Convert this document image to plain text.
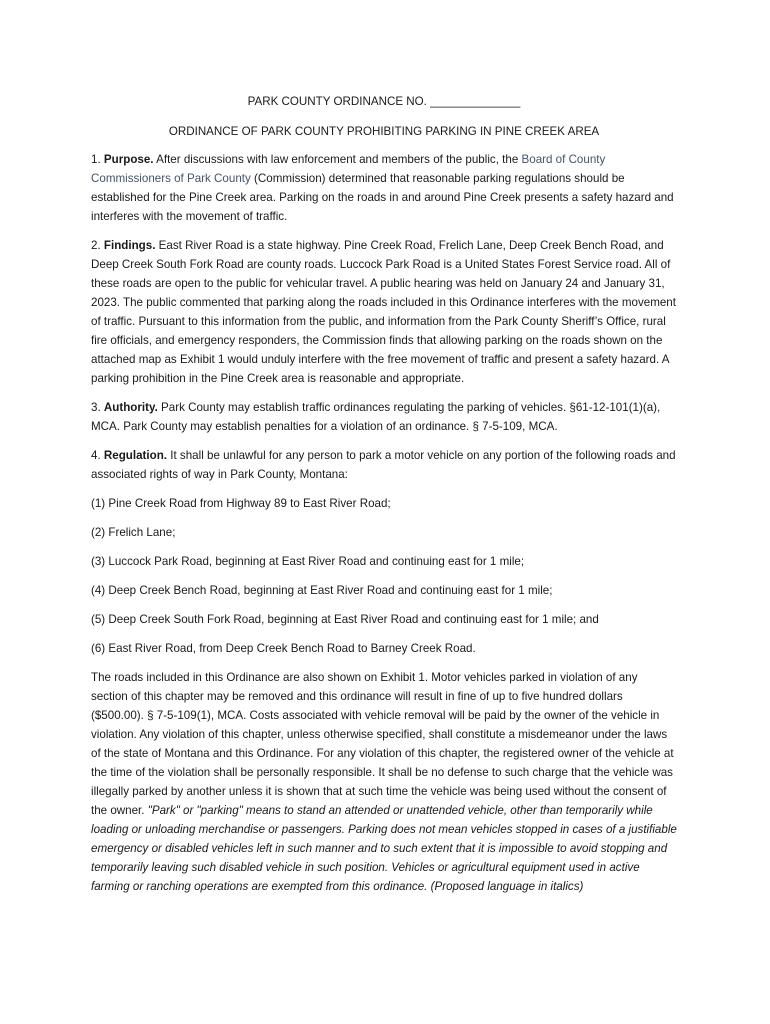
PARK COUNTY ORDINANCE NO. ______________

ORDINANCE OF PARK COUNTY PROHIBITING PARKING IN PINE CREEK AREA

1. Purpose. After discussions with law enforcement and members of the public, the Board of County Commissioners of Park County (Commission) determined that reasonable parking regulations should be established for the Pine Creek area. Parking on the roads in and around Pine Creek presents a safety hazard and interferes with the movement of traffic.

2. Findings. East River Road is a state highway. Pine Creek Road, Frelich Lane, Deep Creek Bench Road, and Deep Creek South Fork Road are county roads. Luccock Park Road is a United States Forest Service road. All of these roads are open to the public for vehicular travel. A public hearing was held on January 24 and January 31, 2023. The public commented that parking along the roads included in this Ordinance interferes with the movement of traffic. Pursuant to this information from the public, and information from the Park County Sheriff’s Office, rural fire officials, and emergency responders, the Commission finds that allowing parking on the roads shown on the attached map as Exhibit 1 would unduly interfere with the free movement of traffic and present a safety hazard. A parking prohibition in the Pine Creek area is reasonable and appropriate.

3. Authority. Park County may establish traffic ordinances regulating the parking of vehicles. §61-12-101(1)(a), MCA. Park County may establish penalties for a violation of an ordinance. § 7-5-109, MCA.

4. Regulation. It shall be unlawful for any person to park a motor vehicle on any portion of the following roads and associated rights of way in Park County, Montana:

(1) Pine Creek Road from Highway 89 to East River Road;

(2) Frelich Lane;

(3) Luccock Park Road, beginning at East River Road and continuing east for 1 mile;

(4) Deep Creek Bench Road, beginning at East River Road and continuing east for 1 mile;

(5) Deep Creek South Fork Road, beginning at East River Road and continuing east for 1 mile; and

(6) East River Road, from Deep Creek Bench Road to Barney Creek Road.

The roads included in this Ordinance are also shown on Exhibit 1. Motor vehicles parked in violation of any section of this chapter may be removed and this ordinance will result in fine of up to five hundred dollars ($500.00). § 7-5-109(1), MCA. Costs associated with vehicle removal will be paid by the owner of the vehicle in violation. Any violation of this chapter, unless otherwise specified, shall constitute a misdemeanor under the laws of the state of Montana and this Ordinance. For any violation of this chapter, the registered owner of the vehicle at the time of the violation shall be personally responsible. It shall be no defense to such charge that the vehicle was illegally parked by another unless it is shown that at such time the vehicle was being used without the consent of the owner. "Park" or "parking" means to stand an attended or unattended vehicle, other than temporarily while loading or unloading merchandise or passengers. Parking does not mean vehicles stopped in cases of a justifiable emergency or disabled vehicles left in such manner and to such extent that it is impossible to avoid stopping and temporarily leaving such disabled vehicle in such position. Vehicles or agricultural equipment used in active farming or ranching operations are exempted from this ordinance. (Proposed language in italics)
